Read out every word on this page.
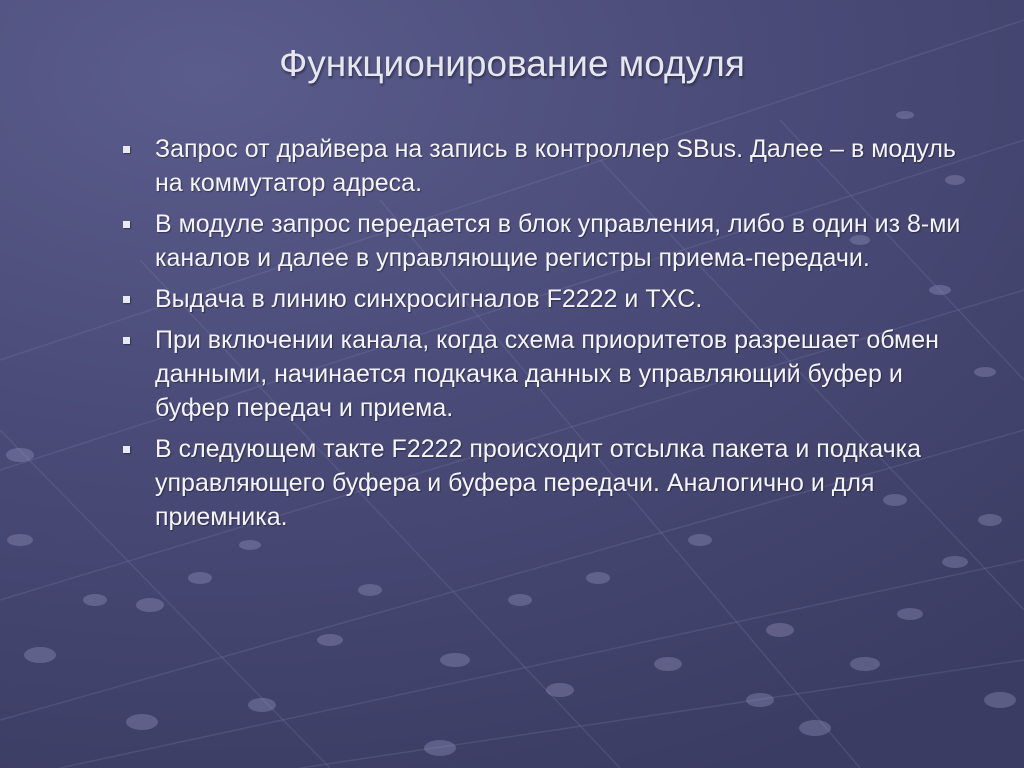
Функционирование модуля
Запрос от драйвера на запись в контроллер SBus. Далее – в модуль на коммутатор адреса.
В модуле запрос передается в блок управления, либо в один из 8-ми каналов и далее в управляющие регистры приема-передачи.
Выдача в линию синхросигналов F2222 и TXC.
При включении канала, когда схема приоритетов разрешает обмен данными, начинается подкачка данных в управляющий буфер и буфер передач и приема.
В следующем такте F2222 происходит отсылка пакета и подкачка управляющего буфера и буфера передачи. Аналогично и для приемника.
